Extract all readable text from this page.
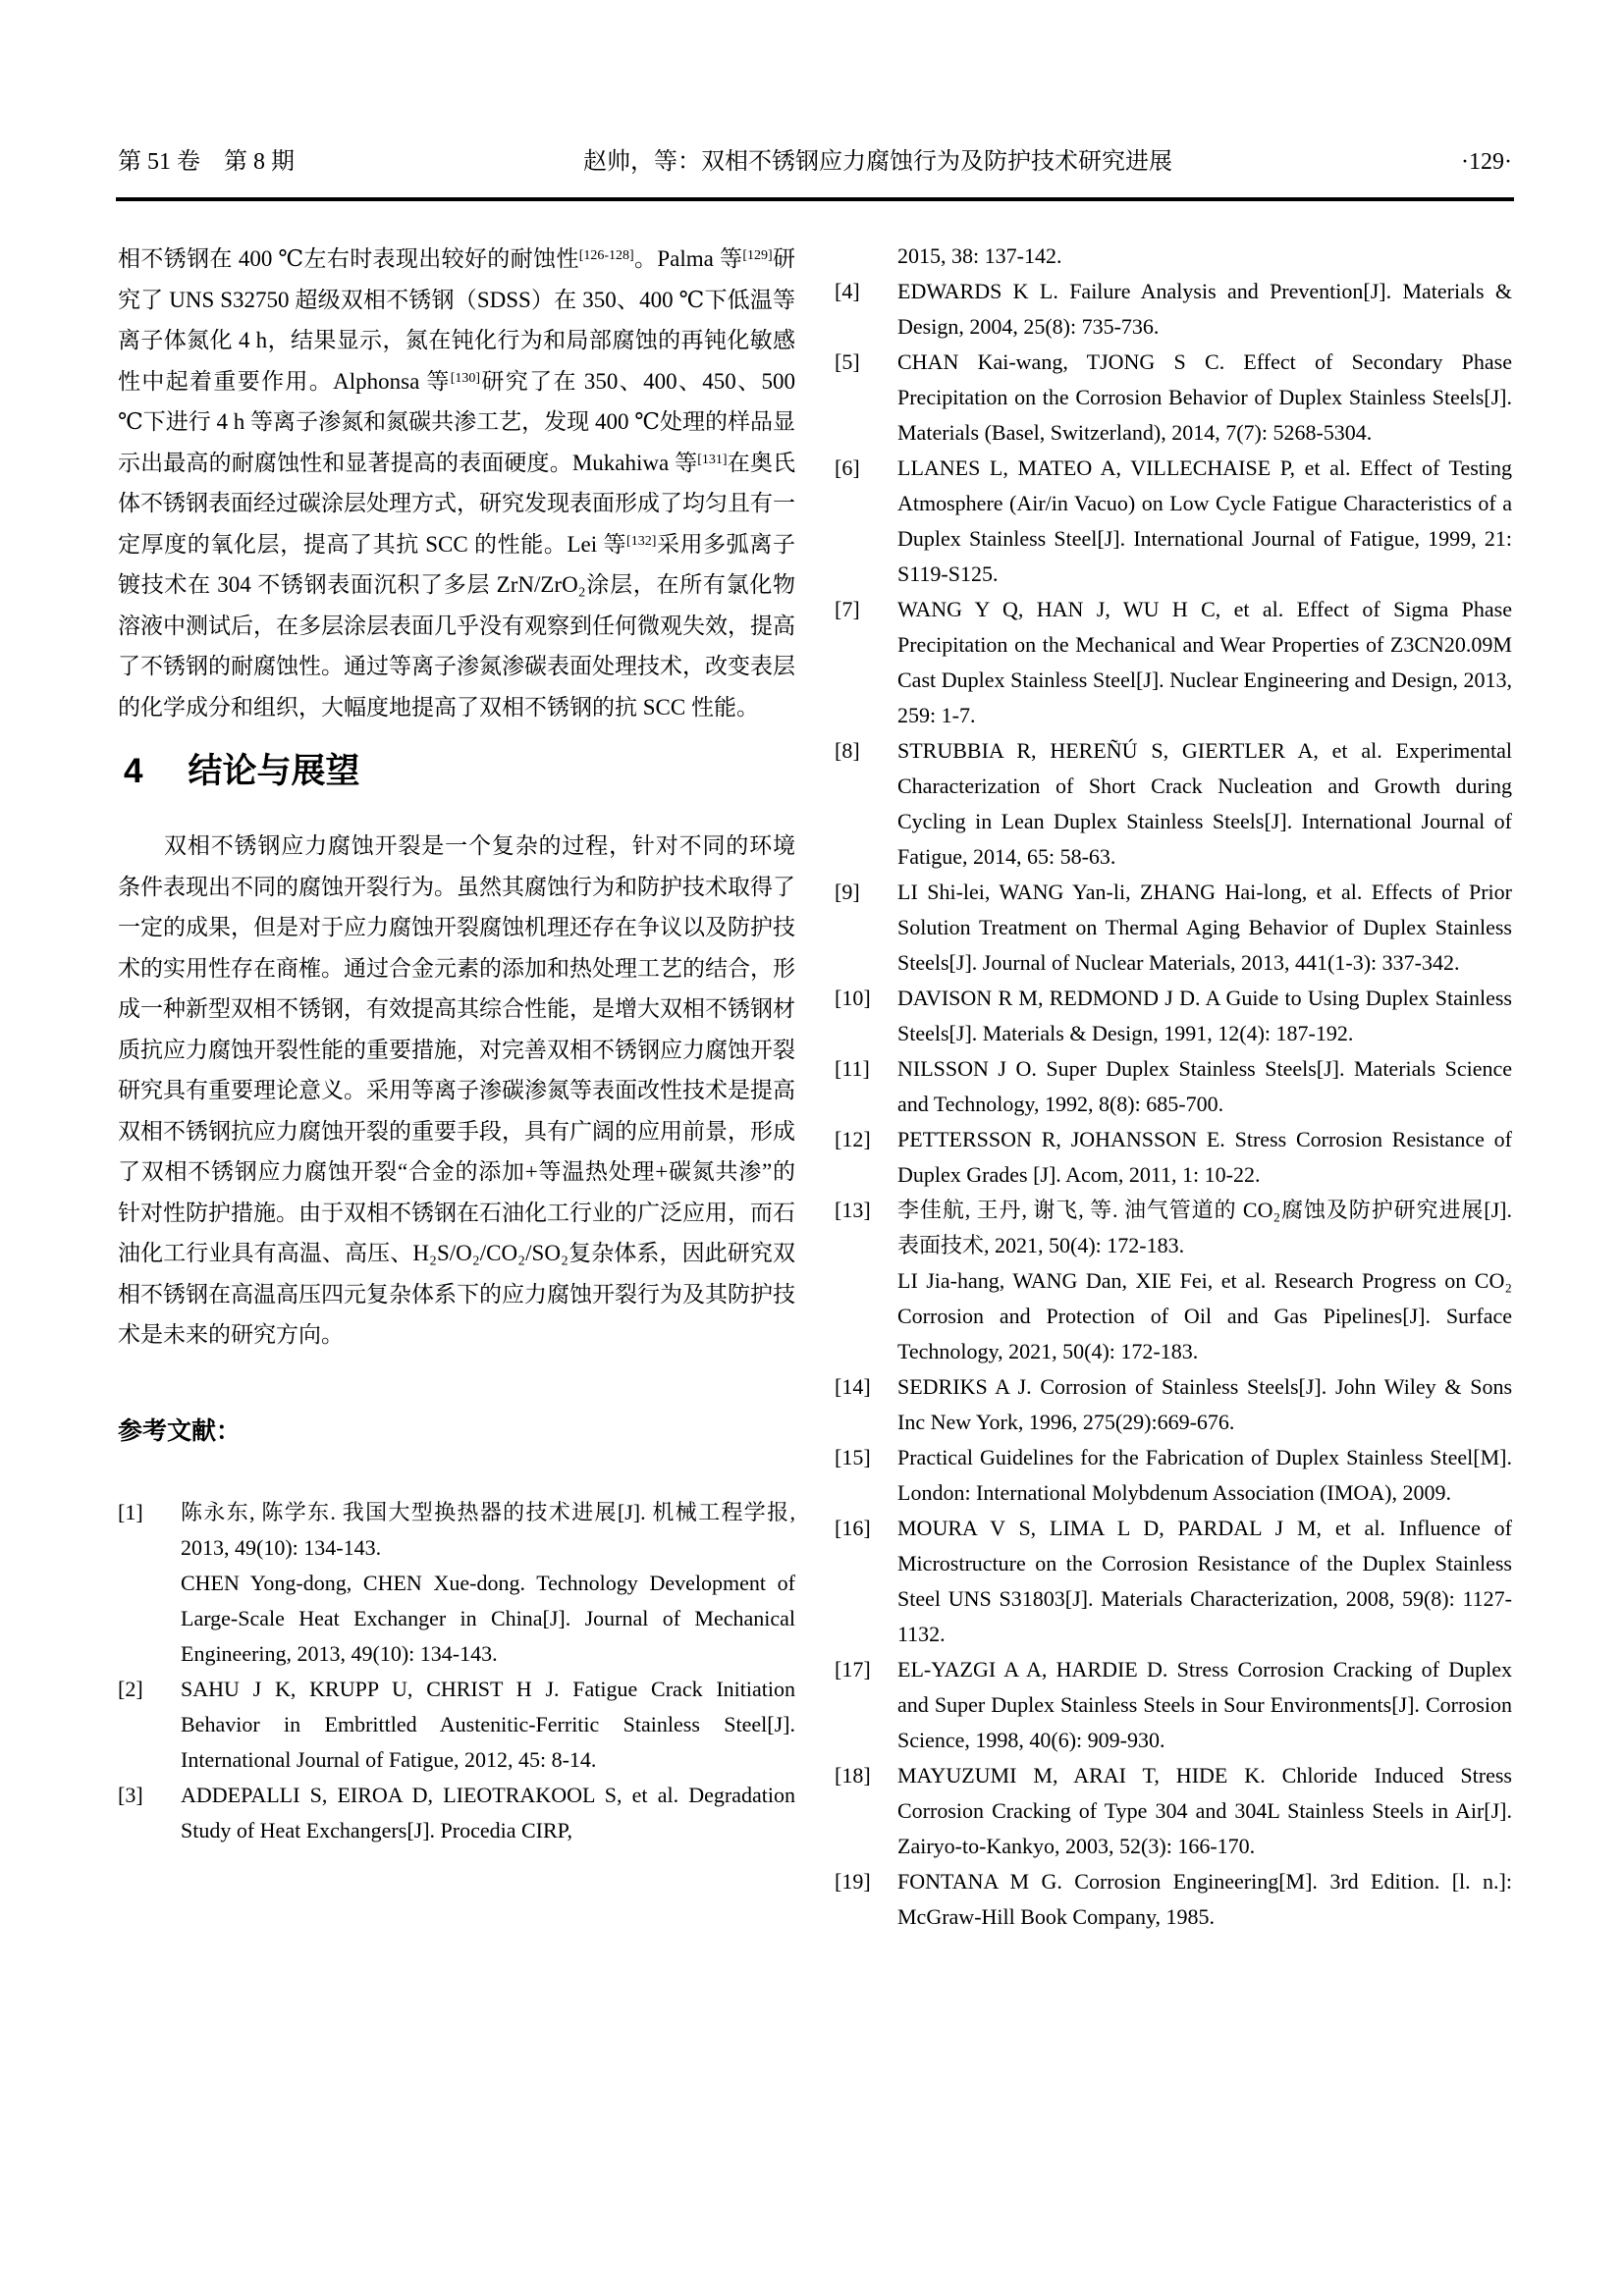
第 51 卷　第 8 期	赵帅，等：双相不锈钢应力腐蚀行为及防护技术研究进展	·129·

相不锈钢在 400 ℃左右时表现出较好的耐蚀性[126-128]。Palma 等[129]研究了 UNS S32750 超级双相不锈钢（SDSS）在 350、400 ℃下低温等离子体氮化 4 h，结果显示，氮在钝化行为和局部腐蚀的再钝化敏感性中起着重要作用。Alphonsa 等[130]研究了在 350、400、450、500 ℃下进行 4 h 等离子渗氮和氮碳共渗工艺，发现 400 ℃处理的样品显示出最高的耐腐蚀性和显著提高的表面硬度。Mukahiwa 等[131]在奥氏体不锈钢表面经过碳涂层处理方式，研究发现表面形成了均匀且有一定厚度的氧化层，提高了其抗 SCC 的性能。Lei 等[132]采用多弧离子镀技术在 304 不锈钢表面沉积了多层 ZrN/ZrO₂涂层，在所有氯化物溶液中测试后，在多层涂层表面几乎没有观察到任何微观失效，提高了不锈钢的耐腐蚀性。通过等离子渗氮渗碳表面处理技术，改变表层的化学成分和组织，大幅度地提高了双相不锈钢的抗 SCC 性能。

4 结论与展望

双相不锈钢应力腐蚀开裂是一个复杂的过程，针对不同的环境条件表现出不同的腐蚀开裂行为。虽然其腐蚀行为和防护技术取得了一定的成果，但是对于应力腐蚀开裂腐蚀机理还存在争议以及防护技术的实用性存在商榷。通过合金元素的添加和热处理工艺的结合，形成一种新型双相不锈钢，有效提高其综合性能，是增大双相不锈钢材质抗应力腐蚀开裂性能的重要措施，对完善双相不锈钢应力腐蚀开裂研究具有重要理论意义。采用等离子渗碳渗氮等表面改性技术是提高双相不锈钢抗应力腐蚀开裂的重要手段，具有广阔的应用前景，形成了双相不锈钢应力腐蚀开裂“合金的添加+等温热处理+碳氮共渗”的针对性防护措施。由于双相不锈钢在石油化工行业的广泛应用，而石油化工行业具有高温、高压、H₂S/O₂/CO₂/SO₂复杂体系，因此研究双相不锈钢在高温高压四元复杂体系下的应力腐蚀开裂行为及其防护技术是未来的研究方向。

参考文献：
[1]	陈永东, 陈学东. 我国大型换热器的技术进展[J]. 机械工程学报, 2013, 49(10): 134-143.

CHEN Yong-dong, CHEN Xue-dong. Technology Development of Large-Scale Heat Exchanger in China[J]. Journal of Mechanical Engineering, 2013, 49(10): 134-143.

[2]	SAHU J K, KRUPP U, CHRIST H J. Fatigue Crack Initiation Behavior in Embrittled Austenitic-Ferritic Stainless Steel[J]. International Journal of Fatigue, 2012, 45: 8-14.

[3]	ADDEPALLI S, EIROA D, LIEOTRAKOOL S, et al. Degradation Study of Heat Exchangers[J]. Procedia CIRP,

2015, 38: 137-142.

[4]	EDWARDS K L. Failure Analysis and Prevention[J]. Materials & Design, 2004, 25(8): 735-736.

[5]	CHAN Kai-wang, TJONG S C. Effect of Secondary Phase Precipitation on the Corrosion Behavior of Duplex Stainless Steels[J]. Materials (Basel, Switzerland), 2014, 7(7): 5268-5304.

[6]	LLANES L, MATEO A, VILLECHAISE P, et al. Effect of Testing Atmosphere (Air/in Vacuo) on Low Cycle Fatigue Characteristics of a Duplex Stainless Steel[J]. International Journal of Fatigue, 1999, 21: S119-S125.

[7]	WANG Y Q, HAN J, WU H C, et al. Effect of Sigma Phase Precipitation on the Mechanical and Wear Properties of Z3CN20.09M Cast Duplex Stainless Steel[J]. Nuclear Engineering and Design, 2013, 259: 1-7.

[8]	STRUBBIA R, HEREÑÚ S, GIERTLER A, et al. Experimental Characterization of Short Crack Nucleation and Growth during Cycling in Lean Duplex Stainless Steels[J]. International Journal of Fatigue, 2014, 65: 58-63.

[9]	LI Shi-lei, WANG Yan-li, ZHANG Hai-long, et al. Effects of Prior Solution Treatment on Thermal Aging Behavior of Duplex Stainless Steels[J]. Journal of Nuclear Materials, 2013, 441(1-3): 337-342.

[10]	DAVISON R M, REDMOND J D. A Guide to Using Duplex Stainless Steels[J]. Materials & Design, 1991, 12(4): 187-192.

[11]	NILSSON J O. Super Duplex Stainless Steels[J]. Materials Science and Technology, 1992, 8(8): 685-700.

[12]	PETTERSSON R, JOHANSSON E. Stress Corrosion Resistance of Duplex Grades [J]. Acom, 2011, 1: 10-22.

[13]	李佳航, 王丹, 谢飞, 等. 油气管道的 CO₂腐蚀及防护研究进展[J]. 表面技术, 2021, 50(4): 172-183.

LI Jia-hang, WANG Dan, XIE Fei, et al. Research Progress on CO₂ Corrosion and Protection of Oil and Gas Pipelines[J]. Surface Technology, 2021, 50(4): 172-183.

[14]	SEDRIKS A J. Corrosion of Stainless Steels[J]. John Wiley & Sons Inc New York, 1996, 275(29):669-676.

[15]	Practical Guidelines for the Fabrication of Duplex Stainless Steel[M]. London: International Molybdenum Association (IMOA), 2009.

[16]	MOURA V S, LIMA L D, PARDAL J M, et al. Influence of Microstructure on the Corrosion Resistance of the Duplex Stainless Steel UNS S31803[J]. Materials Characterization, 2008, 59(8): 1127-1132.

[17]	EL-YAZGI A A, HARDIE D. Stress Corrosion Cracking of Duplex and Super Duplex Stainless Steels in Sour Environments[J]. Corrosion Science, 1998, 40(6): 909-930.

[18]	MAYUZUMI M, ARAI T, HIDE K. Chloride Induced Stress Corrosion Cracking of Type 304 and 304L Stainless Steels in Air[J]. Zairyo-to-Kankyo, 2003, 52(3): 166-170.

[19]	FONTANA M G. Corrosion Engineering[M]. 3rd Edition. [l. n.]: McGraw-Hill Book Company, 1985.
